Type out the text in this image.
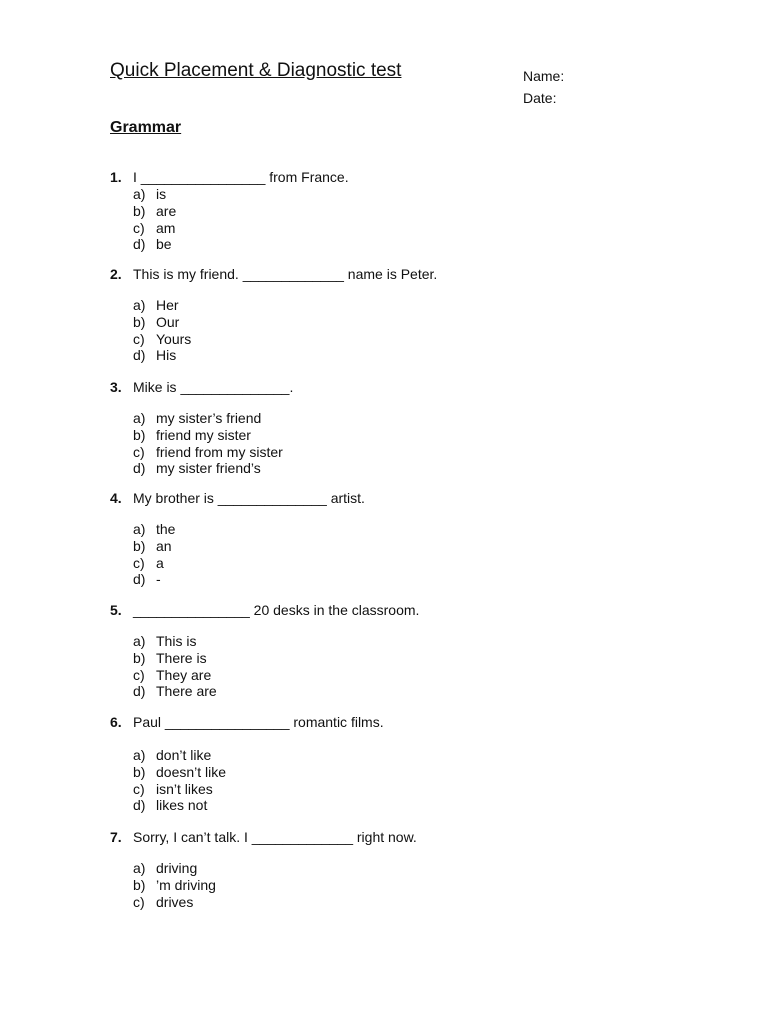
Quick Placement & Diagnostic test	Name:
Date:
Grammar
1. I ________________ from France.
a) is
b) are
c) am
d) be
2. This is my friend. _____________ name is Peter.
a) Her
b) Our
c) Yours
d) His
3. Mike is ______________.
a) my sister’s friend
b) friend my sister
c) friend from my sister
d) my sister friend’s
4. My brother is ______________ artist.
a) the
b) an
c) a
d) -
5. _______________ 20 desks in the classroom.
a) This is
b) There is
c) They are
d) There are
6. Paul ________________ romantic films.
a) don’t like
b) doesn’t like
c) isn’t likes
d) likes not
7. Sorry, I can’t talk. I _____________ right now.
a) driving
b) ’m driving
c) drives
